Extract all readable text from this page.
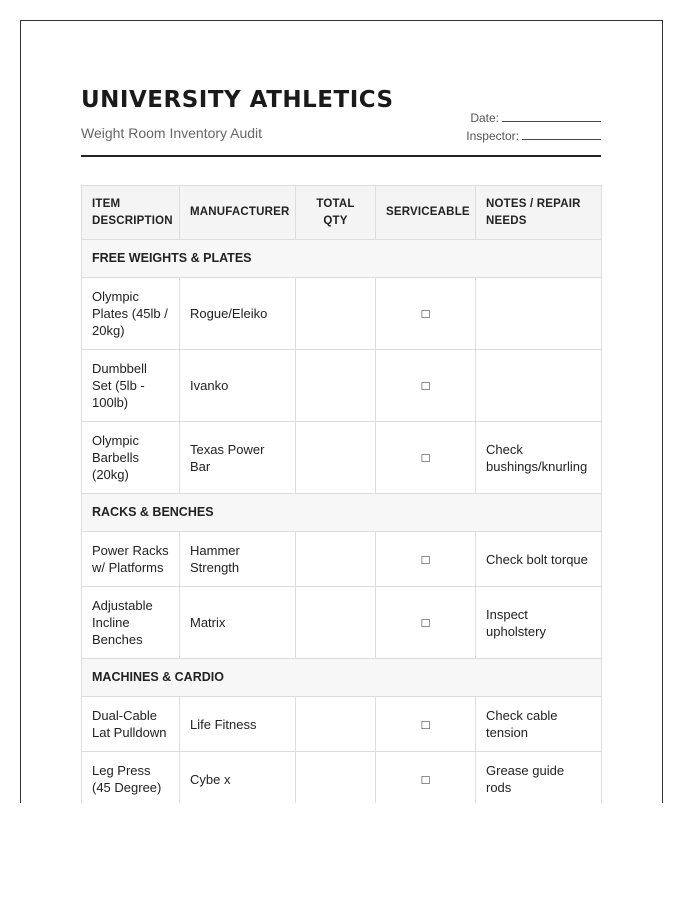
UNIVERSITY ATHLETICS
Weight Room Inventory Audit
Date:
Inspector:
ITEM DESCRIPTION	MANUFACTURER	TOTAL QTY	SERVICEABLE	NOTES / REPAIR NEEDS
FREE WEIGHTS & PLATES				
Olympic Plates (45lb / 20kg)	Rogue/Eleiko		□	
Dumbbell Set (5lb - 100lb)	Ivanko		□	
Olympic Barbells (20kg)	Texas Power Bar		□	Check bushings/knurling
RACKS & BENCHES				
Power Racks w/ Platforms	Hammer Strength		□	Check bolt torque
Adjustable Incline Benches	Matrix		□	Inspect upholstery
MACHINES & CARDIO				
Dual-Cable Lat Pulldown	Life Fitness		□	Check cable tension
Leg Press (45 Degree)	Cybe x		□	Grease guide rods
